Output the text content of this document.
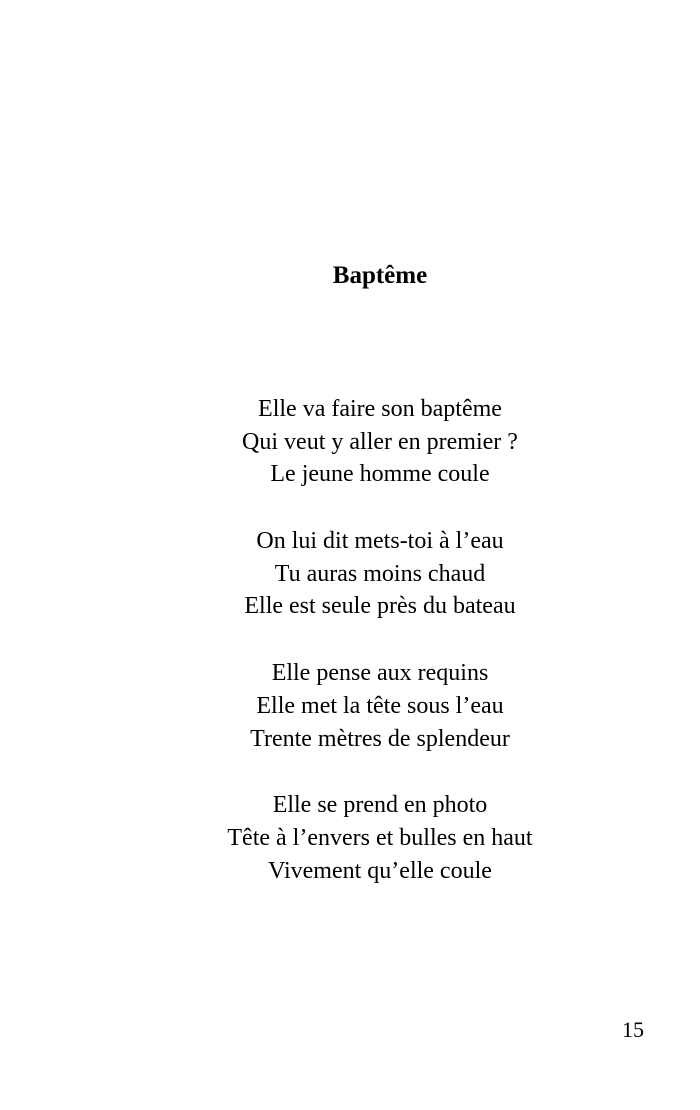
Baptême
Elle va faire son baptême
Qui veut y aller en premier ?
Le jeune homme coule
On lui dit mets-toi à l’eau
Tu auras moins chaud
Elle est seule près du bateau
Elle pense aux requins
Elle met la tête sous l’eau
Trente mètres de splendeur
Elle se prend en photo
Tête à l’envers et bulles en haut
Vivement qu’elle coule
15
